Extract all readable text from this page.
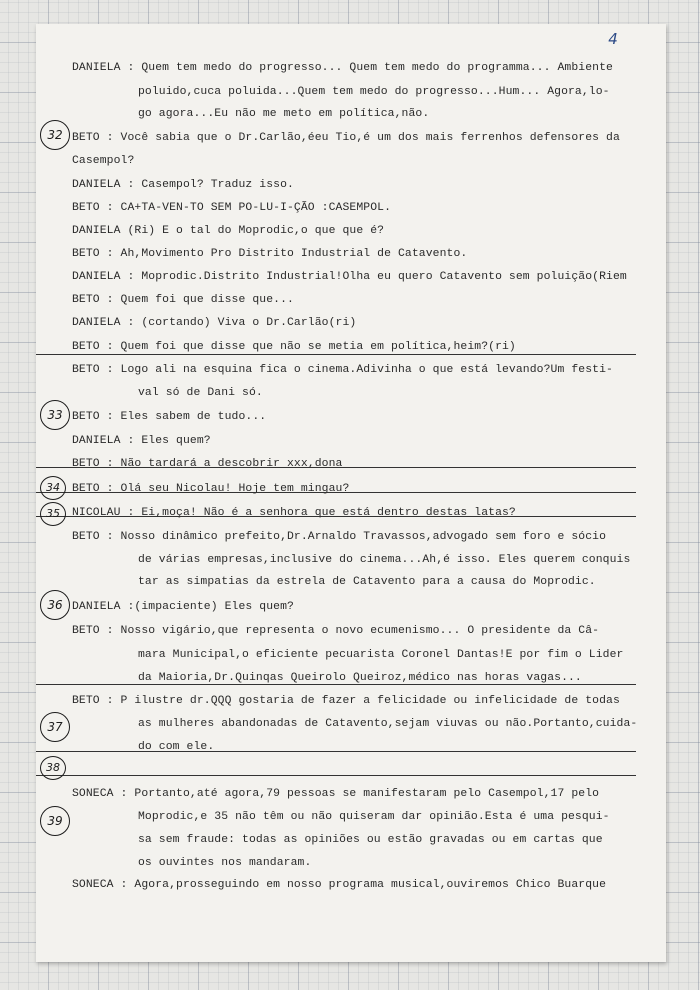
4
DANIELA : Quem tem medo do progresso... Quem tem medo do programma... Ambiente
poluido,cuca poluida...Quem tem medo do progresso...Hum... Agora,lo-
go agora...Eu não me meto em política,não.
BETO : Você sabia que o Dr.Carlão,éeu Tio,é um dos mais ferrenhos defensores da
Casempol?
DANIELA : Casempol? Traduz isso.
BETO : CA+TA-VEN-TO SEM PO-LU-I-ÇÃO :CASEMPOL.
DANIELA (Ri) E o tal do Moprodic,o que que é?
BETO : Ah,Movimento Pro Distrito Industrial de Catavento.
DANIELA : Moprodic.Distrito Industrial!Olha eu quero Catavento sem poluição(Riem
BETO : Quem foi que disse que...
DANIELA : (cortando) Viva o Dr.Carlão(ri)
BETO : Quem foi que disse que não se metia em política,heim?(ri)
BETO : Logo ali na esquina fica o cinema.Adivinha o que está levando?Um festi-
val só de Dani só.
BETO : Eles sabem de tudo...
DANIELA : Eles quem?
BETO : Não tardará a descobrir xxx,dona
BETO : Olá seu Nicolau! Hoje tem mingau?
NICOLAU : Ei,moça! Não é a senhora que está dentro destas latas?
BETO : Nosso dinâmico prefeito,Dr.Arnaldo Travassos,advogado sem foro e sócio
de várias empresas,inclusive do cinema...Ah,é isso. Eles querem conquis
tar as simpatias da estrela de Catavento para a causa do Moprodic.
DANIELA :(impaciente) Eles quem?
BETO : Nosso vigário,que representa o novo ecumenismo... O presidente da Câ-
mara Municipal,o eficiente pecuarista Coronel Dantas!E por fim o Lider
da Maioria,Dr.Quinqas Queirolo Queiroz,médico nas horas vagas...
BETO : P ilustre dr.QQQ gostaria de fazer a felicidade ou infelicidade de todas
as mulheres abandonadas de Catavento,sejam viuvas ou não.Portanto,cuida-
do com ele.
SONECA : Portanto,até agora,79 pessoas se manifestaram pelo Casempol,17 pelo
Moprodic,e 35 não têm ou não quiseram dar opinião.Esta é uma pesqui-
sa sem fraude: todas as opiniões ou estão gravadas ou em cartas que
os ouvintes nos mandaram.
SONECA : Agora,prosseguindo em nosso programa musical,ouviremos Chico Buarque
32
33
34
35
36
37
38
39
